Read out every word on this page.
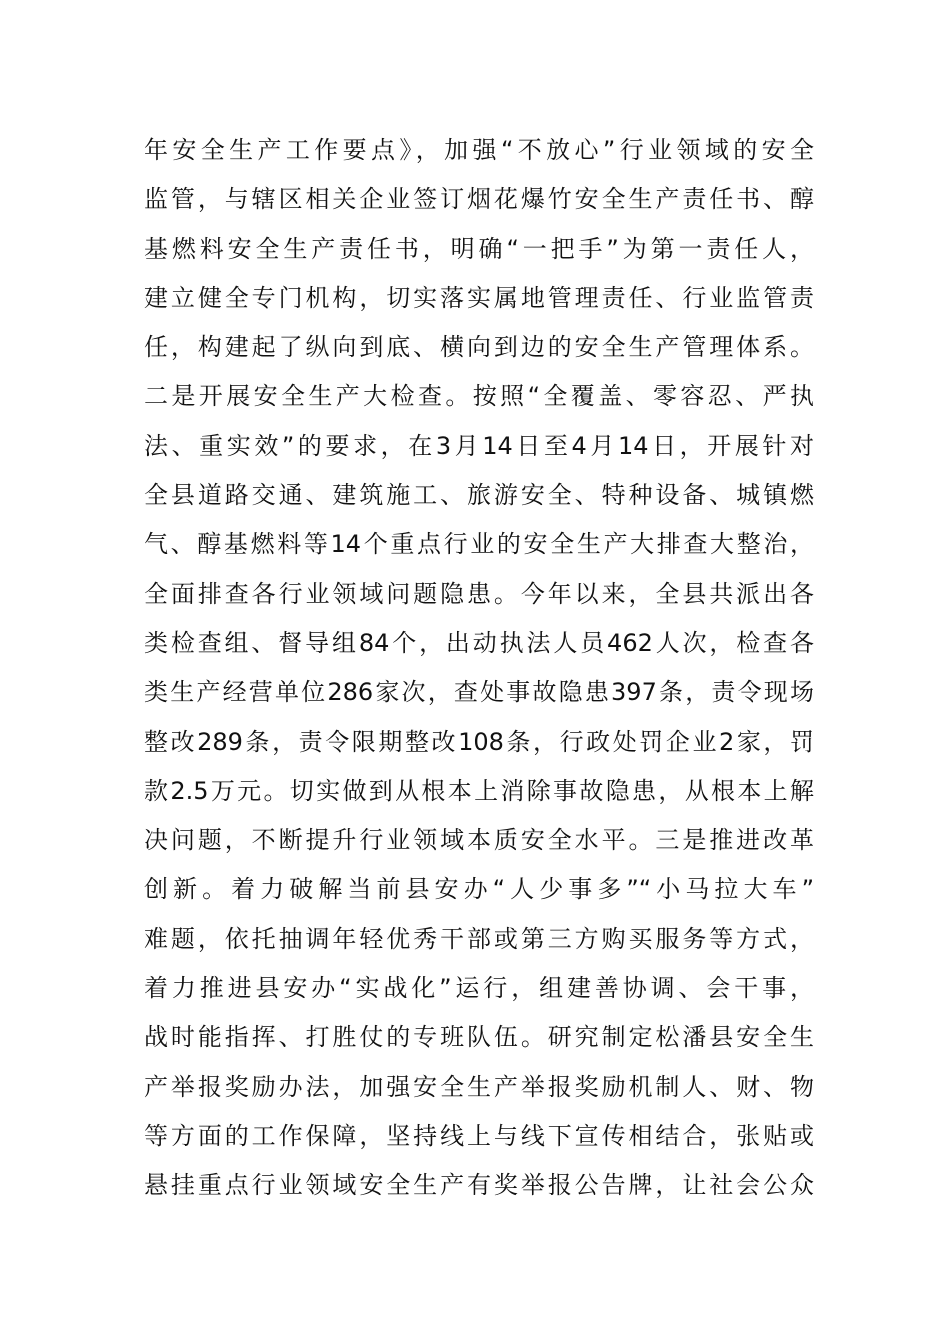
年安全生产工作要点》，加强“不放心”行业领域的安全
监管，与辖区相关企业签订烟花爆竹安全生产责任书、醇
基燃料安全生产责任书，明确“一把手”为第一责任人，
建立健全专门机构，切实落实属地管理责任、行业监管责
任，构建起了纵向到底、横向到边的安全生产管理体系。
二是开展安全生产大检查。按照“全覆盖、零容忍、严执
法、重实效”的要求，在3月14日至4月14日，开展针对
全县道路交通、建筑施工、旅游安全、特种设备、城镇燃
气、醇基燃料等14个重点行业的安全生产大排查大整治，
全面排查各行业领域问题隐患。今年以来，全县共派出各
类检查组、督导组84个，出动执法人员462人次，检查各
类生产经营单位286家次，查处事故隐患397条，责令现场
整改289条，责令限期整改108条，行政处罚企业2家，罚
款2.5万元。切实做到从根本上消除事故隐患，从根本上解
决问题，不断提升行业领域本质安全水平。三是推进改革
创新。着力破解当前县安办“人少事多”“小马拉大车”
难题，依托抽调年轻优秀干部或第三方购买服务等方式，
着力推进县安办“实战化”运行，组建善协调、会干事，
战时能指挥、打胜仗的专班队伍。研究制定松潘县安全生
产举报奖励办法，加强安全生产举报奖励机制人、财、物
等方面的工作保障，坚持线上与线下宣传相结合，张贴或
悬挂重点行业领域安全生产有奖举报公告牌，让社会公众
